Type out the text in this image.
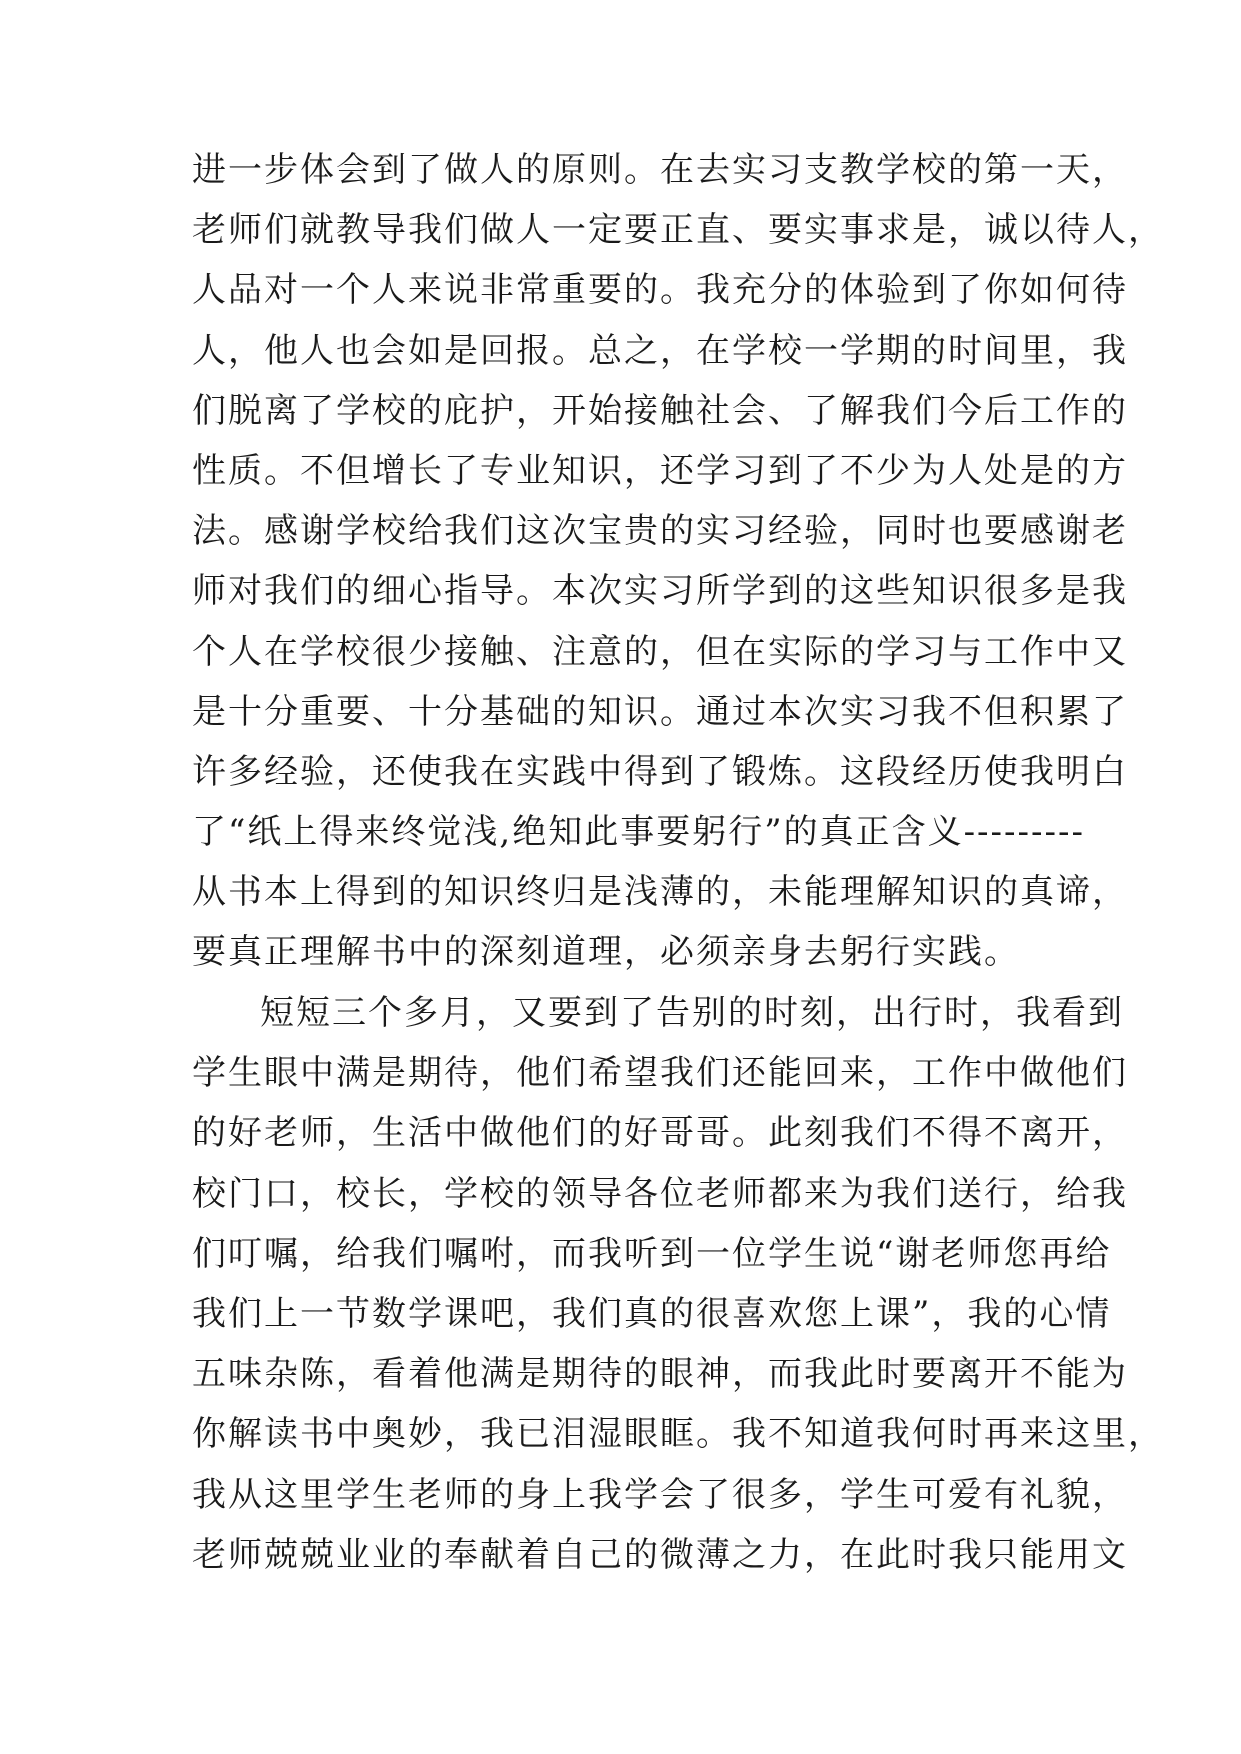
进一步体会到了做人的原则。在去实习支教学校的第一天，
老师们就教导我们做人一定要正直、要实事求是，诚以待人，
人品对一个人来说非常重要的。我充分的体验到了你如何待
人，他人也会如是回报。总之，在学校一学期的时间里，我
们脱离了学校的庇护，开始接触社会、了解我们今后工作的
性质。不但增长了专业知识，还学习到了不少为人处是的方
法。感谢学校给我们这次宝贵的实习经验，同时也要感谢老
师对我们的细心指导。本次实习所学到的这些知识很多是我
个人在学校很少接触、注意的，但在实际的学习与工作中又
是十分重要、十分基础的知识。通过本次实习我不但积累了
许多经验，还使我在实践中得到了锻炼。这段经历使我明白
了“纸上得来终觉浅,绝知此事要躬行”的真正含义---------
从书本上得到的知识终归是浅薄的，未能理解知识的真谛，
要真正理解书中的深刻道理，必须亲身去躬行实践。
短短三个多月，又要到了告别的时刻，出行时，我看到
学生眼中满是期待，他们希望我们还能回来，工作中做他们
的好老师，生活中做他们的好哥哥。此刻我们不得不离开，
校门口，校长，学校的领导各位老师都来为我们送行，给我
们叮嘱，给我们嘱咐，而我听到一位学生说“谢老师您再给
我们上一节数学课吧，我们真的很喜欢您上课”，我的心情
五味杂陈，看着他满是期待的眼神，而我此时要离开不能为
你解读书中奥妙，我已泪湿眼眶。我不知道我何时再来这里，
我从这里学生老师的身上我学会了很多，学生可爱有礼貌，
老师兢兢业业的奉献着自己的微薄之力，在此时我只能用文
